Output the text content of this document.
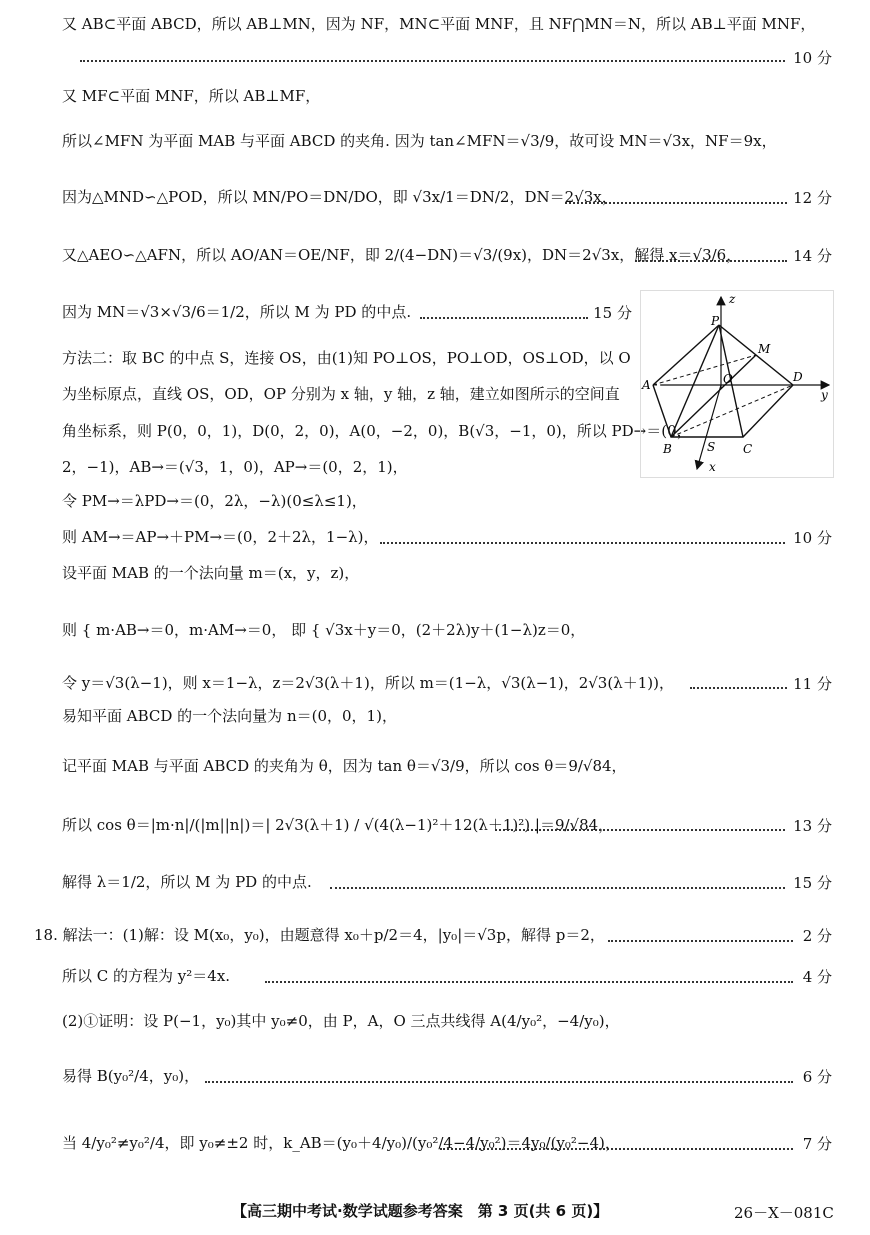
又 AB⊂平面 ABCD，所以 AB⊥MN，因为 NF，MN⊂平面 MNF，且 NF⋂MN＝N，所以 AB⊥平面 MNF，
10 分
又 MF⊂平面 MNF，所以 AB⊥MF，
所以∠MFN 为平面 MAB 与平面 ABCD 的夹角. 因为 tan∠MFN＝√3/9，故可设 MN＝√3x，NF＝9x，
因为△MND∽△POD，所以 MN/PO＝DN/DO，即 √3x/1＝DN/2，DN＝2√3x，	12 分
又△AEO∽△AFN，所以 AO/AN＝OE/NF，即 2/(4−DN)＝√3/(9x)，DN＝2√3x，解得 x＝√3/6，	14 分
因为 MN＝√3×√3/6＝1/2，所以 M 为 PD 的中点.	15 分
方法二：取 BC 的中点 S，连接 OS，由(1)知 PO⊥OS，PO⊥OD，OS⊥OD，以 O
为坐标原点，直线 OS，OD，OP 分别为 x 轴，y 轴，z 轴，建立如图所示的空间直
角坐标系，则 P(0，0，1)，D(0，2，0)，A(0，−2，0)，B(√3，−1，0)，所以 PD→＝(0，
2，−1)，AB→＝(√3，1，0)，AP→＝(0，2，1)，
令 PM→＝λPD→＝(0，2λ，−λ)(0≤λ≤1)，
则 AM→＝AP→＋PM→＝(0，2＋2λ，1−λ)，	10 分
设平面 MAB 的一个法向量 m＝(x，y，z)，
则 { m·AB→＝0，m·AM→＝0， 即 { √3x＋y＝0，(2＋2λ)y＋(1−λ)z＝0，
令 y＝√3(λ−1)，则 x＝1−λ，z＝2√3(λ＋1)，所以 m＝(1−λ，√3(λ−1)，2√3(λ＋1))，	11 分
易知平面 ABCD 的一个法向量为 n＝(0，0，1)，
记平面 MAB 与平面 ABCD 的夹角为 θ，因为 tan θ＝√3/9，所以 cos θ＝9/√84，
所以 cos θ＝|m·n|/(|m||n|)＝| 2√3(λ＋1) / √(4(λ−1)²＋12(λ＋1)²) |＝9/√84，	13 分
解得 λ＝1/2，所以 M 为 PD 的中点.	15 分
18. 解法一：(1)解：设 M(x₀，y₀)，由题意得 x₀＋p/2＝4，|y₀|＝√3p，解得 p＝2，	2 分
所以 C 的方程为 y²＝4x.	4 分
(2)①证明：设 P(−1，y₀)其中 y₀≠0，由 P，A，O 三点共线得 A(4/y₀²，−4/y₀)，
易得 B(y₀²/4，y₀)，	6 分
当 4/y₀²≠y₀²/4，即 y₀≠±2 时，k_AB＝(y₀＋4/y₀)/(y₀²/4−4/y₀²)＝4y₀/(y₀²−4)，	7 分
P
M
A	O	D
B	S C
x
y
z
【高三期中考试·数学试题参考答案　第 3 页(共 6 页)】	26－X－081C
